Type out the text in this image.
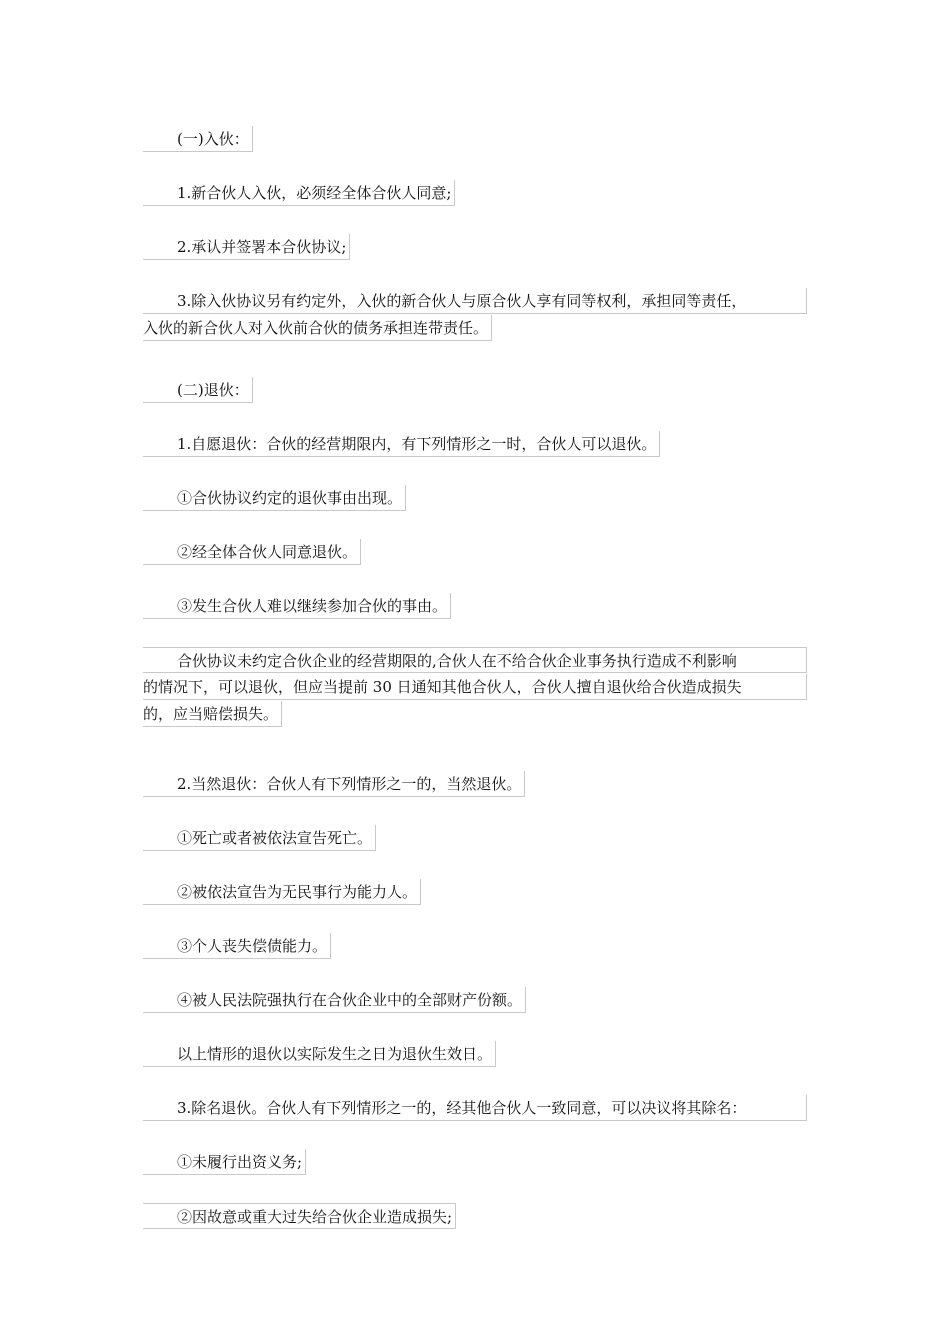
(一)入伙：
1.新合伙人入伙，必须经全体合伙人同意;
2.承认并签署本合伙协议;
3.除入伙协议另有约定外，入伙的新合伙人与原合伙人享有同等权利，承担同等责任，
入伙的新合伙人对入伙前合伙的债务承担连带责任。
(二)退伙：
1.自愿退伙：合伙的经营期限内，有下列情形之一时，合伙人可以退伙。
①合伙协议约定的退伙事由出现。
②经全体合伙人同意退伙。
③发生合伙人难以继续参加合伙的事由。
合伙协议未约定合伙企业的经营期限的,合伙人在不给合伙企业事务执行造成不利影响
的情况下，可以退伙，但应当提前 30 日通知其他合伙人，合伙人擅自退伙给合伙造成损失
的，应当赔偿损失。
2.当然退伙：合伙人有下列情形之一的，当然退伙。
①死亡或者被依法宣告死亡。
②被依法宣告为无民事行为能力人。
③个人丧失偿债能力。
④被人民法院强执行在合伙企业中的全部财产份额。
以上情形的退伙以实际发生之日为退伙生效日。
3.除名退伙。合伙人有下列情形之一的，经其他合伙人一致同意，可以决议将其除名：
①未履行出资义务;
②因故意或重大过失给合伙企业造成损失;
